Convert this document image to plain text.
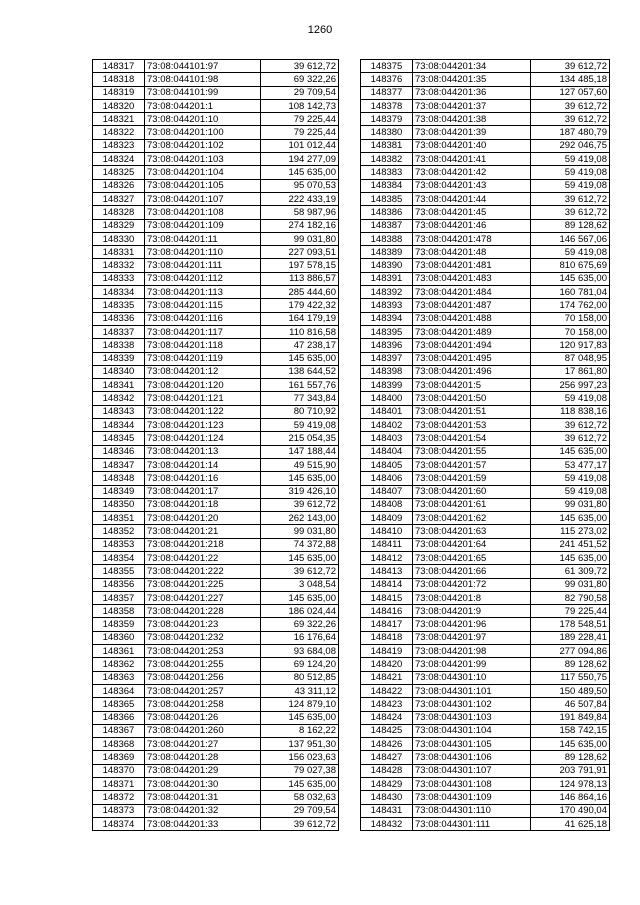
1260
148317	73:08:044101:97	39 612,72
148318	73:08:044101:98	69 322,26
148319	73:08:044101:99	29 709,54
148320	73:08:044201:1	108 142,73
148321	73:08:044201:10	79 225,44
148322	73:08:044201:100	79 225,44
148323	73:08:044201:102	101 012,44
148324	73:08:044201:103	194 277,09
148325	73:08:044201:104	145 635,00
148326	73:08:044201:105	95 070,53
148327	73:08:044201:107	222 433,19
148328	73:08:044201:108	58 987,96
148329	73:08:044201:109	274 182,16
148330	73:08:044201:11	99 031,80
148331	73:08:044201:110	227 093,51
148332	73:08:044201:111	197 578,15
148333	73:08:044201:112	113 886,57
148334	73:08:044201:113	285 444,60
148335	73:08:044201:115	179 422,32
148336	73:08:044201:116	164 179,19
148337	73:08:044201:117	110 816,58
148338	73:08:044201:118	47 238,17
148339	73:08:044201:119	145 635,00
148340	73:08:044201:12	138 644,52
148341	73:08:044201:120	161 557,76
148342	73:08:044201:121	77 343,84
148343	73:08:044201:122	80 710,92
148344	73:08:044201:123	59 419,08
148345	73:08:044201:124	215 054,35
148346	73:08:044201:13	147 188,44
148347	73:08:044201:14	49 515,90
148348	73:08:044201:16	145 635,00
148349	73:08:044201:17	319 426,10
148350	73:08:044201:18	39 612,72
148351	73:08:044201:20	262 143,00
148352	73:08:044201:21	99 031,80
148353	73:08:044201:218	74 372,88
148354	73:08:044201:22	145 635,00
148355	73:08:044201:222	39 612,72
148356	73:08:044201:225	3 048,54
148357	73:08:044201:227	145 635,00
148358	73:08:044201:228	186 024,44
148359	73:08:044201:23	69 322,26
148360	73:08:044201:232	16 176,64
148361	73:08:044201:253	93 684,08
148362	73:08:044201:255	69 124,20
148363	73:08:044201:256	80 512,85
148364	73:08:044201:257	43 311,12
148365	73:08:044201:258	124 879,10
148366	73:08:044201:26	145 635,00
148367	73:08:044201:260	8 162,22
148368	73:08:044201:27	137 951,30
148369	73:08:044201:28	156 023,63
148370	73:08:044201:29	79 027,38
148371	73:08:044201:30	145 635,00
148372	73:08:044201:31	58 032,63
148373	73:08:044201:32	29 709,54
148374	73:08:044201:33	39 612,72
148375	73:08:044201:34	39 612,72
148376	73:08:044201:35	134 485,18
148377	73:08:044201:36	127 057,60
148378	73:08:044201:37	39 612,72
148379	73:08:044201:38	39 612,72
148380	73:08:044201:39	187 480,79
148381	73:08:044201:40	292 046,75
148382	73:08:044201:41	59 419,08
148383	73:08:044201:42	59 419,08
148384	73:08:044201:43	59 419,08
148385	73:08:044201:44	39 612,72
148386	73:08:044201:45	39 612,72
148387	73:08:044201:46	89 128,62
148388	73:08:044201:478	146 567,06
148389	73:08:044201:48	59 419,08
148390	73:08:044201:481	810 675,69
148391	73:08:044201:483	145 635,00
148392	73:08:044201:484	160 781,04
148393	73:08:044201:487	174 762,00
148394	73:08:044201:488	70 158,00
148395	73:08:044201:489	70 158,00
148396	73:08:044201:494	120 917,83
148397	73:08:044201:495	87 048,95
148398	73:08:044201:496	17 861,80
148399	73:08:044201:5	256 997,23
148400	73:08:044201:50	59 419,08
148401	73:08:044201:51	118 838,16
148402	73:08:044201:53	39 612,72
148403	73:08:044201:54	39 612,72
148404	73:08:044201:55	145 635,00
148405	73:08:044201:57	53 477,17
148406	73:08:044201:59	59 419,08
148407	73:08:044201:60	59 419,08
148408	73:08:044201:61	99 031,80
148409	73:08:044201:62	145 635,00
148410	73:08:044201:63	115 273,02
148411	73:08:044201:64	241 451,52
148412	73:08:044201:65	145 635,00
148413	73:08:044201:66	61 309,72
148414	73:08:044201:72	99 031,80
148415	73:08:044201:8	82 790,58
148416	73:08:044201:9	79 225,44
148417	73:08:044201:96	178 548,51
148418	73:08:044201:97	189 228,41
148419	73:08:044201:98	277 094,86
148420	73:08:044201:99	89 128,62
148421	73:08:044301:10	117 550,75
148422	73:08:044301:101	150 489,50
148423	73:08:044301:102	46 507,84
148424	73:08:044301:103	191 849,84
148425	73:08:044301:104	158 742,15
148426	73:08:044301:105	145 635,00
148427	73:08:044301:106	89 128,62
148428	73:08:044301:107	203 791,91
148429	73:08:044301:108	124 978,13
148430	73:08:044301:109	146 864,16
148431	73:08:044301:110	170 490,04
148432	73:08:044301:111	41 625,18
